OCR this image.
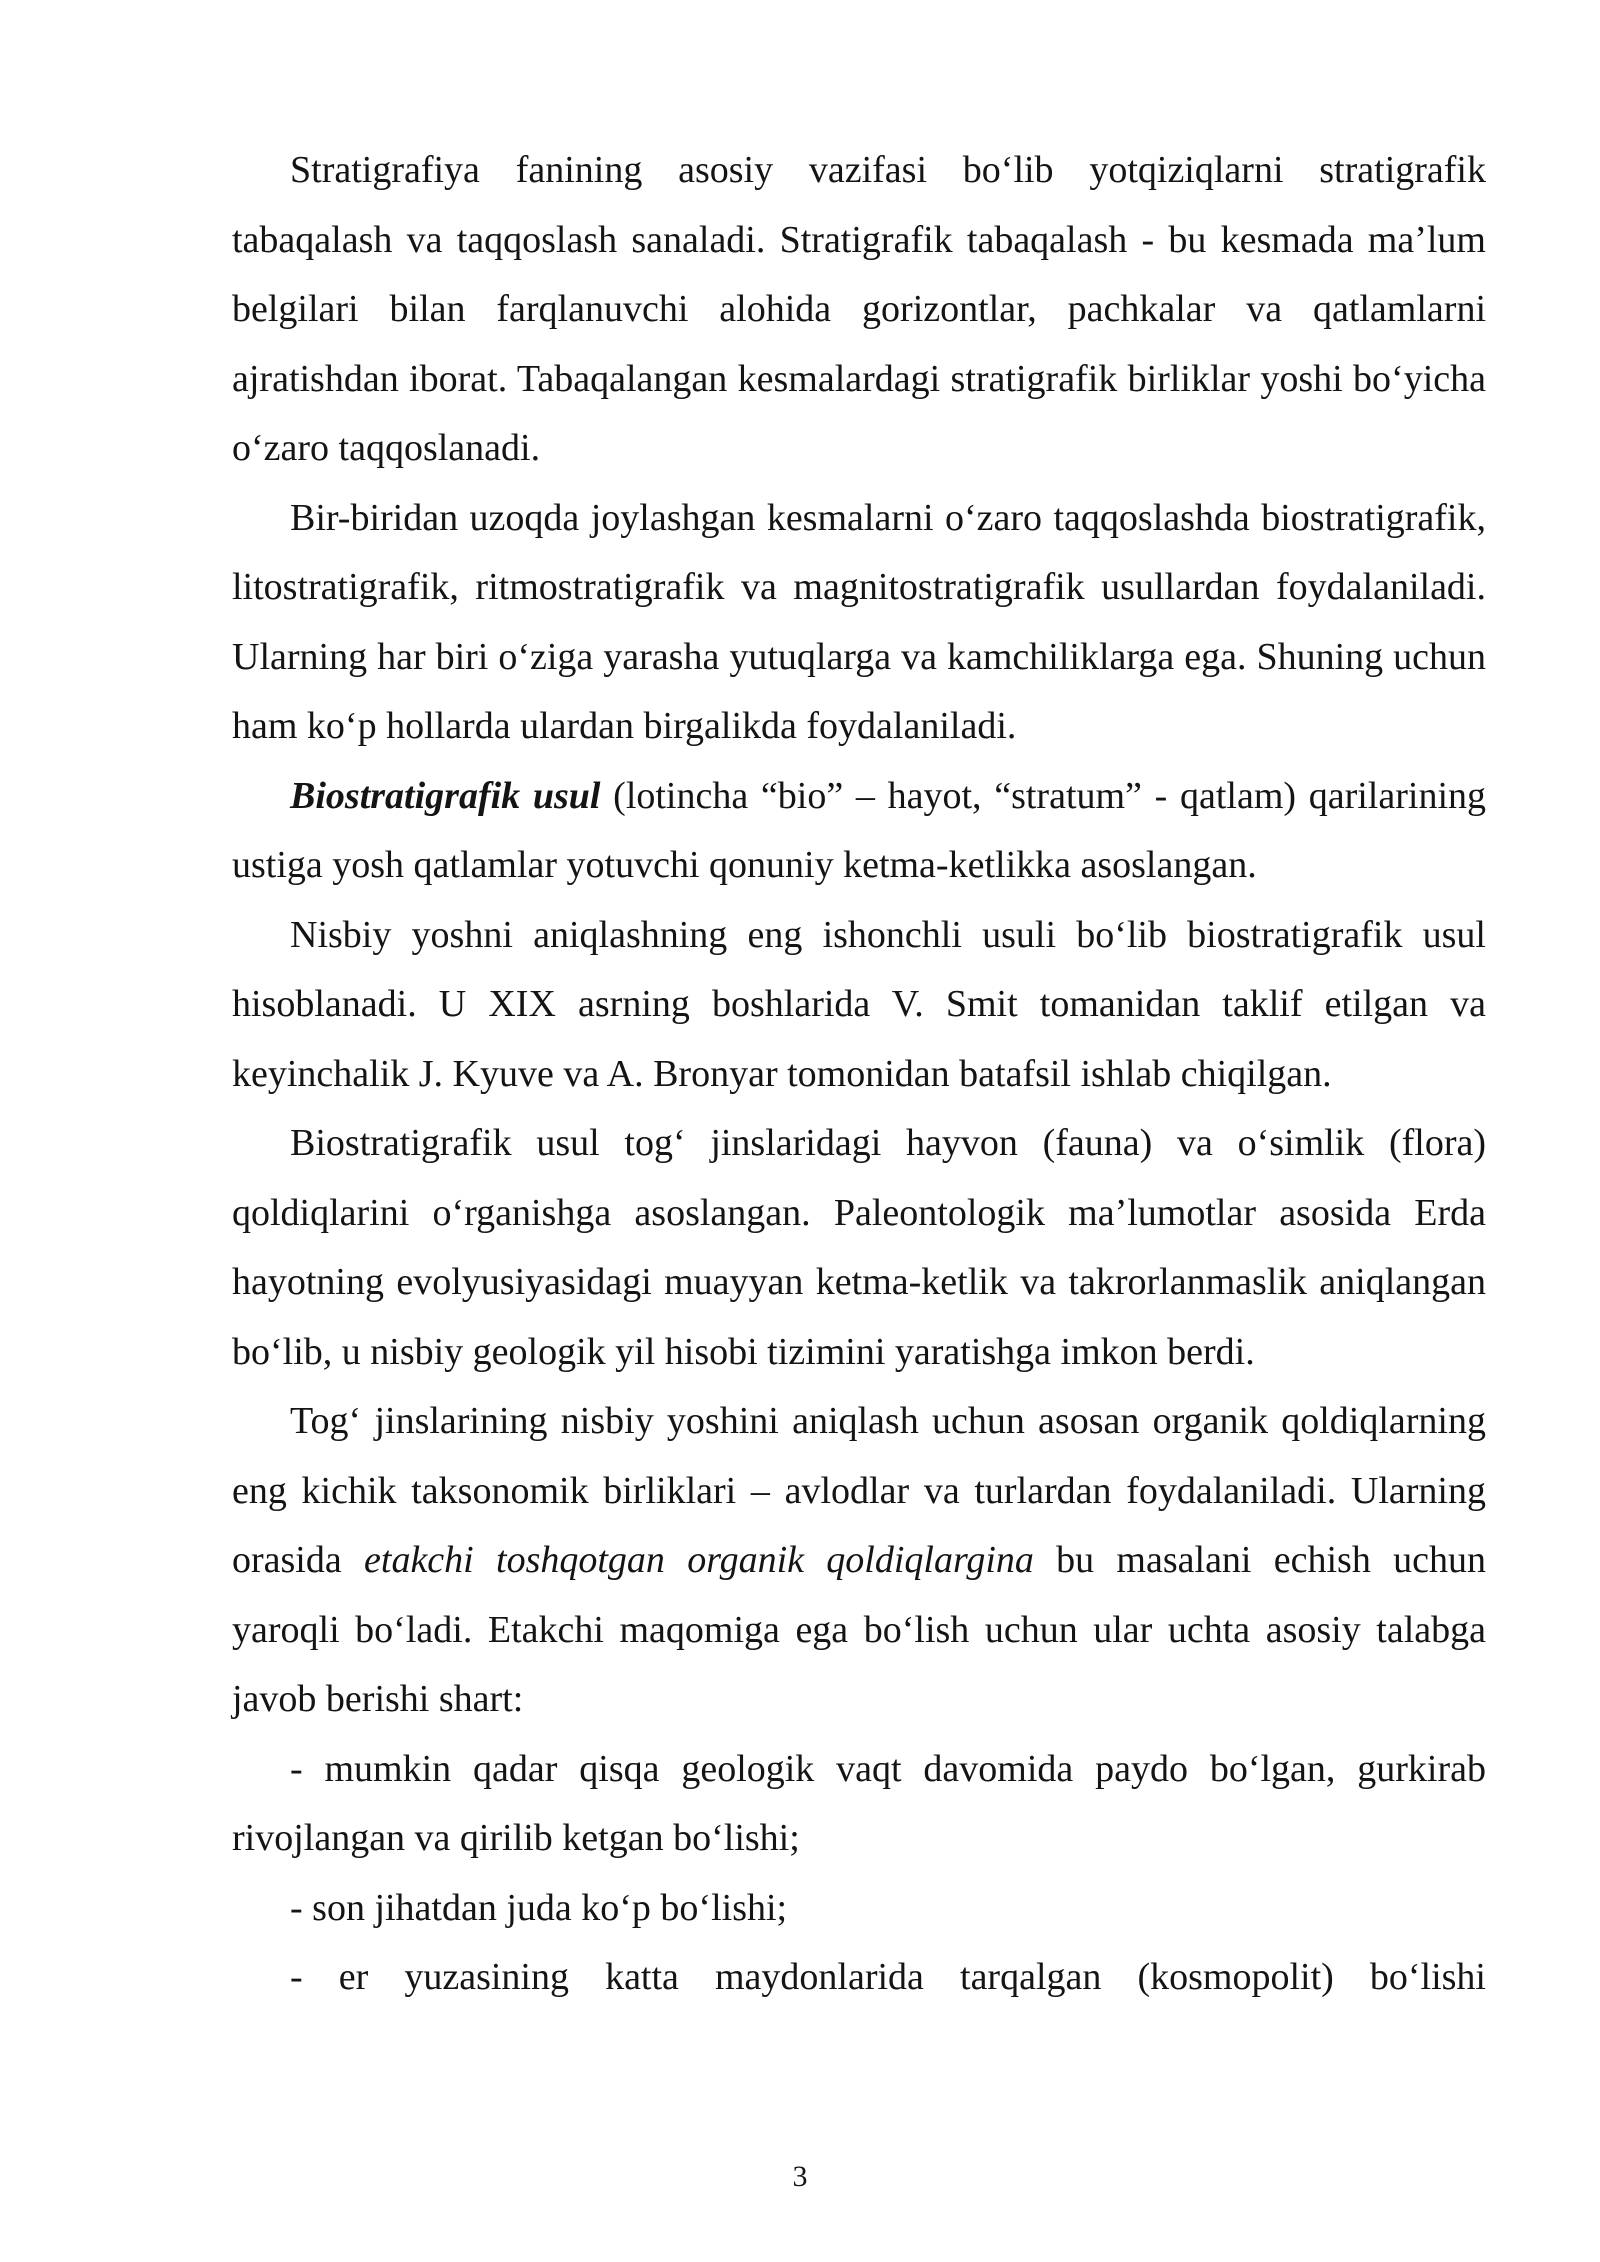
Stratigrafiya fanining asosiy vazifasi bo‘lib yotqiziqlarni stratigrafik tabaqalash va taqqoslash sanaladi. Stratigrafik tabaqalash - bu kesmada ma’lum belgilari bilan farqlanuvchi alohida gorizontlar, pachkalar va qatlamlarni ajratishdan iborat. Tabaqalangan kesmalardagi stratigrafik birliklar yoshi bo‘yicha o‘zaro taqqoslanadi.

Bir-biridan uzoqda joylashgan kesmalarni o‘zaro taqqoslashda biostratigrafik, litostratigrafik, ritmostratigrafik va magnitostratigrafik usullardan foydalaniladi. Ularning har biri o‘ziga yarasha yutuqlarga va kamchiliklarga ega. Shuning uchun ham ko‘p hollarda ulardan birgalikda foydalaniladi.

Biostratigrafik usul (lotincha “bio” – hayot, “stratum” - qatlam) qarilarining ustiga yosh qatlamlar yotuvchi qonuniy ketma-ketlikka asoslangan.

Nisbiy yoshni aniqlashning eng ishonchli usuli bo‘lib biostratigrafik usul hisoblanadi. U XIX asrning boshlarida V. Smit tomanidan taklif etilgan va keyinchalik J. Kyuve va A. Bronyar tomonidan batafsil ishlab chiqilgan.

Biostratigrafik usul tog‘ jinslaridagi hayvon (fauna) va o‘simlik (flora) qoldiqlarini o‘rganishga asoslangan. Paleontologik ma’lumotlar asosida Erda hayotning evolyusiyasidagi muayyan ketma-ketlik va takrorlanmaslik aniqlangan bo‘lib, u nisbiy geologik yil hisobi tizimini yaratishga imkon berdi.

Tog‘ jinslarining nisbiy yoshini aniqlash uchun asosan organik qoldiqlarning eng kichik taksonomik birliklari – avlodlar va turlardan foydalaniladi. Ularning orasida etakchi toshqotgan organik qoldiqlargina bu masalani echish uchun yaroqli bo‘ladi. Etakchi maqomiga ega bo‘lish uchun ular uchta asosiy talabga javob berishi shart:

- mumkin qadar qisqa geologik vaqt davomida paydo bo‘lgan, gurkirab rivojlangan va qirilib ketgan bo‘lishi;

- son jihatdan juda ko‘p bo‘lishi;

- er yuzasining katta maydonlarida tarqalgan (kosmopolit) bo‘lishi

3
